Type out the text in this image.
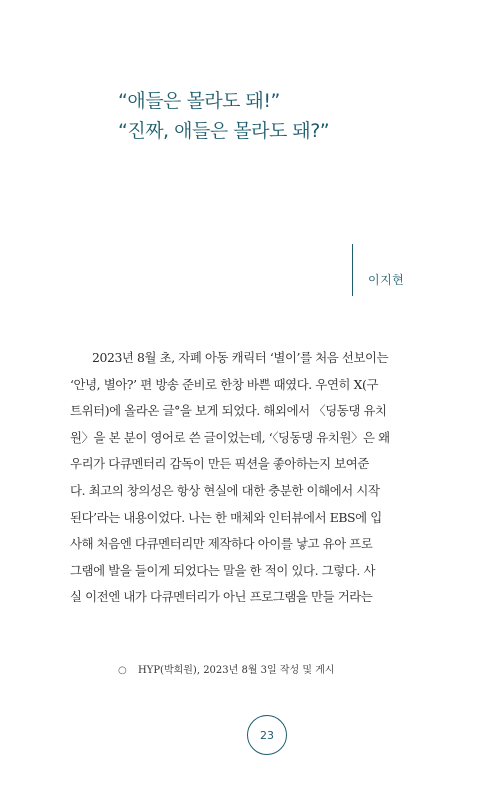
“애들은 몰라도 돼!”
“진짜, 애들은 몰라도 돼?”
이지현
2023년 8월 초, 자폐 아동 캐릭터 ‘별이’를 처음 선보이는
‘안녕, 별아?’ 편 방송 준비로 한창 바쁜 때였다. 우연히 X(구
트위터)에 올라온 글°을 보게 되었다. 해외에서 〈딩동댕 유치
원〉을 본 분이 영어로 쓴 글이었는데, ‘〈딩동댕 유치원〉은 왜
우리가 다큐멘터리 감독이 만든 픽션을 좋아하는지 보여준
다. 최고의 창의성은 항상 현실에 대한 충분한 이해에서 시작
된다’라는 내용이었다. 나는 한 매체와 인터뷰에서 EBS에 입
사해 처음엔 다큐멘터리만 제작하다 아이를 낳고 유아 프로
그램에 발을 들이게 되었다는 말을 한 적이 있다. 그렇다. 사
실 이전엔 내가 다큐멘터리가 아닌 프로그램을 만들 거라는
○ HYP(박희원), 2023년 8월 3일 작성 및 게시
23
